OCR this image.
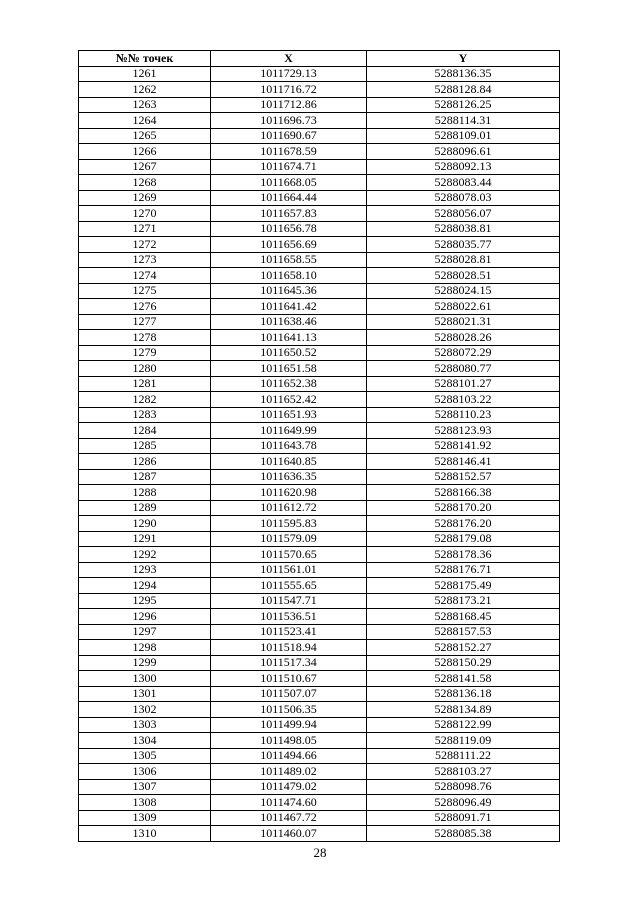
№№ точек	X	Y
1261	1011729.13	5288136.35
1262	1011716.72	5288128.84
1263	1011712.86	5288126.25
1264	1011696.73	5288114.31
1265	1011690.67	5288109.01
1266	1011678.59	5288096.61
1267	1011674.71	5288092.13
1268	1011668.05	5288083.44
1269	1011664.44	5288078.03
1270	1011657.83	5288056.07
1271	1011656.78	5288038.81
1272	1011656.69	5288035.77
1273	1011658.55	5288028.81
1274	1011658.10	5288028.51
1275	1011645.36	5288024.15
1276	1011641.42	5288022.61
1277	1011638.46	5288021.31
1278	1011641.13	5288028.26
1279	1011650.52	5288072.29
1280	1011651.58	5288080.77
1281	1011652.38	5288101.27
1282	1011652.42	5288103.22
1283	1011651.93	5288110.23
1284	1011649.99	5288123.93
1285	1011643.78	5288141.92
1286	1011640.85	5288146.41
1287	1011636.35	5288152.57
1288	1011620.98	5288166.38
1289	1011612.72	5288170.20
1290	1011595.83	5288176.20
1291	1011579.09	5288179.08
1292	1011570.65	5288178.36
1293	1011561.01	5288176.71
1294	1011555.65	5288175.49
1295	1011547.71	5288173.21
1296	1011536.51	5288168.45
1297	1011523.41	5288157.53
1298	1011518.94	5288152.27
1299	1011517.34	5288150.29
1300	1011510.67	5288141.58
1301	1011507.07	5288136.18
1302	1011506.35	5288134.89
1303	1011499.94	5288122.99
1304	1011498.05	5288119.09
1305	1011494.66	5288111.22
1306	1011489.02	5288103.27
1307	1011479.02	5288098.76
1308	1011474.60	5288096.49
1309	1011467.72	5288091.71
1310	1011460.07	5288085.38
28
